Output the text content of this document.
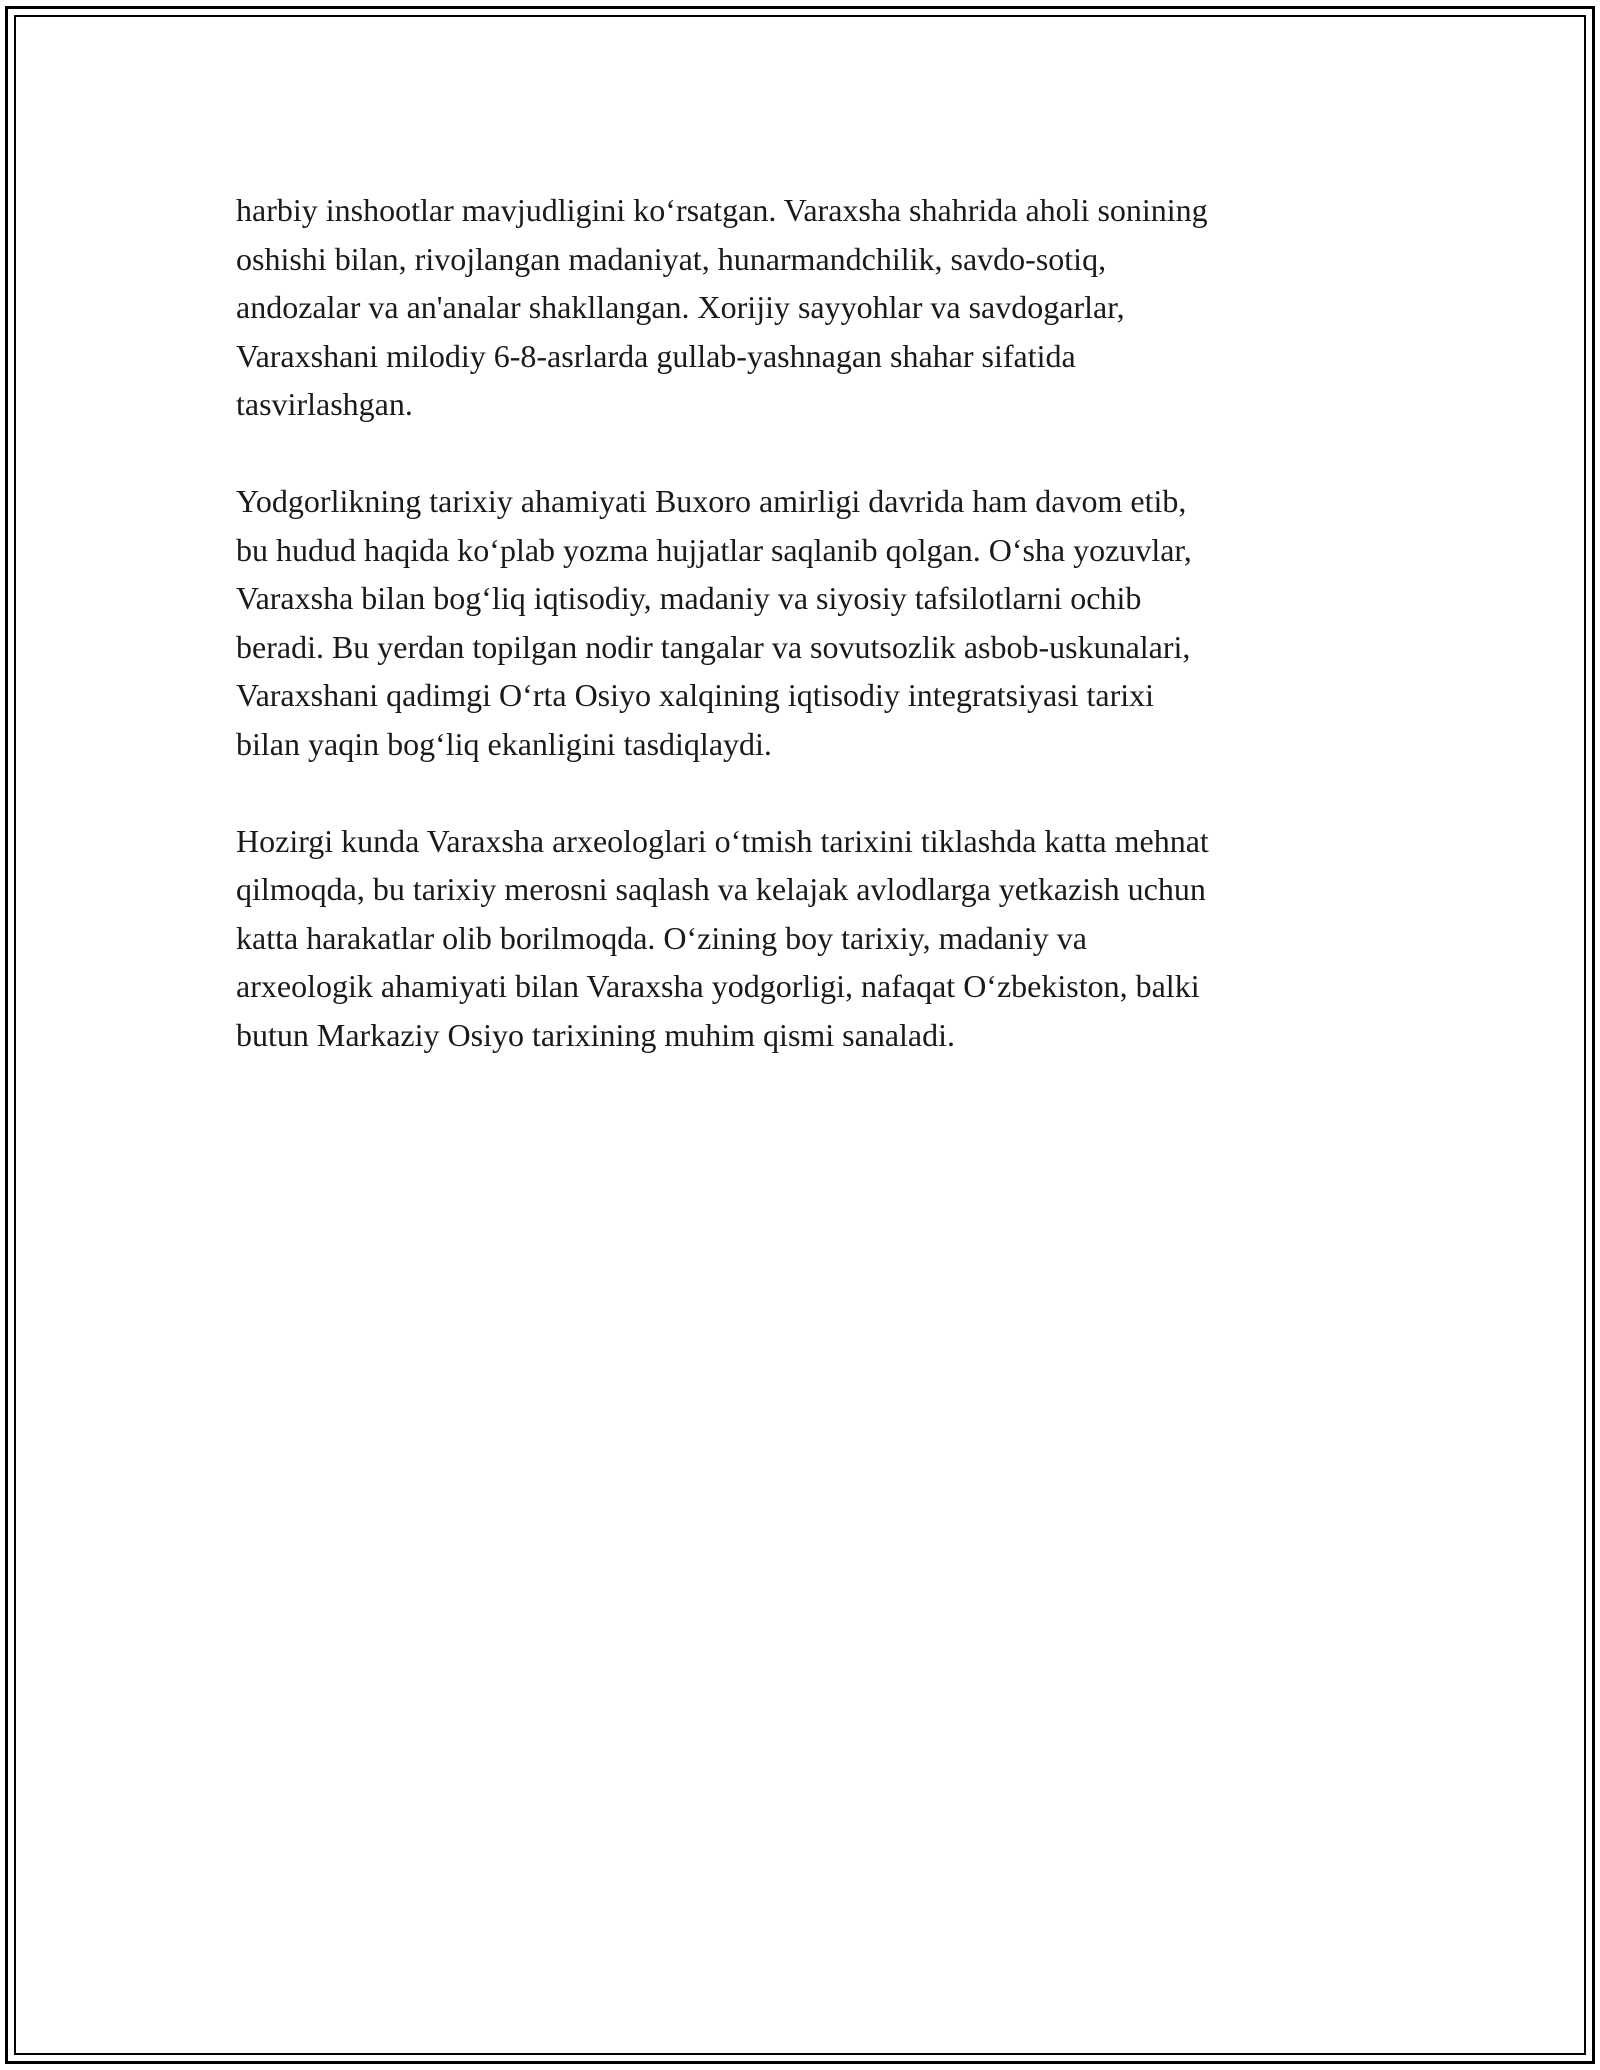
harbiy inshootlar mavjudligini koʻrsatgan. Varaxsha shahrida aholi sonining
oshishi bilan, rivojlangan madaniyat, hunarmandchilik, savdo-sotiq,
andozalar va an'analar shakllangan. Xorijiy sayyohlar va savdogarlar,
Varaxshani milodiy 6-8-asrlarda gullab-yashnagan shahar sifatida
tasvirlashgan.

Yodgorlikning tarixiy ahamiyati Buxoro amirligi davrida ham davom etib,
bu hudud haqida koʻplab yozma hujjatlar saqlanib qolgan. Oʻsha yozuvlar,
Varaxsha bilan bogʻliq iqtisodiy, madaniy va siyosiy tafsilotlarni ochib
beradi. Bu yerdan topilgan nodir tangalar va sovutsozlik asbob-uskunalari,
Varaxshani qadimgi Oʻrta Osiyo xalqining iqtisodiy integratsiyasi tarixi
bilan yaqin bogʻliq ekanligini tasdiqlaydi.

Hozirgi kunda Varaxsha arxeologlari oʻtmish tarixini tiklashda katta mehnat
qilmoqda, bu tarixiy merosni saqlash va kelajak avlodlarga yetkazish uchun
katta harakatlar olib borilmoqda. Oʻzining boy tarixiy, madaniy va
arxeologik ahamiyati bilan Varaxsha yodgorligi, nafaqat Oʻzbekiston, balki
butun Markaziy Osiyo tarixining muhim qismi sanaladi.
